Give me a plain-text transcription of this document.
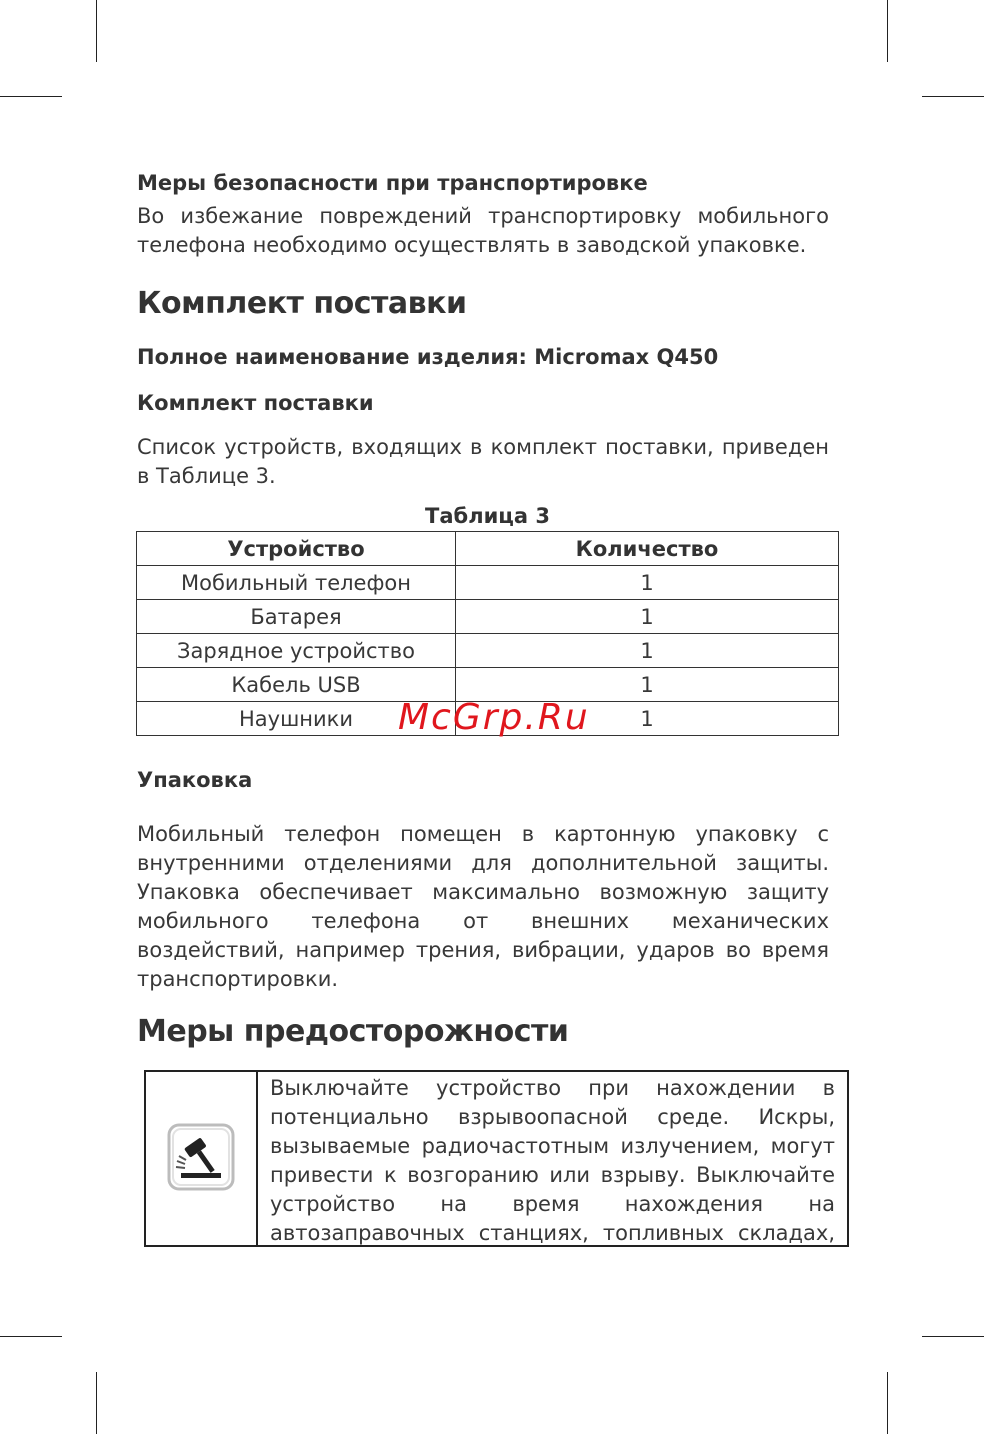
Меры безопасности при транспортировке

Во избежание повреждений транспортировку мобильного телефона необходимо осуществлять в заводской упаковке.

Комплект поставки
Полное наименование изделия: Micromax Q450
Комплект поставки

Список устройств, входящих в комплект поставки, приведен в Таблице 3.

Таблица 3
Устройство	Количество
Мобильный телефон	1
Батарея	1
Зарядное устройство	1
Кабель USB	1
Наушники	1
McGrp.Ru
Упаковка

Мобильный телефон помещен в картонную упаковку с внутренними отделениями для дополнительной защиты. Упаковка обеспечивает максимально возможную защиту мобильного телефона от внешних механических воздействий, например трения, вибрации, ударов во время транспортировки.

Меры предосторожности
Выключайте устройство при нахождении в потенциально взрывоопасной среде. Искры, вызываемые радиочастотным излучением, могут привести к возгоранию или взрыву. Выключайте устройство на время нахождения на автозаправочных станциях, топливных складах,
